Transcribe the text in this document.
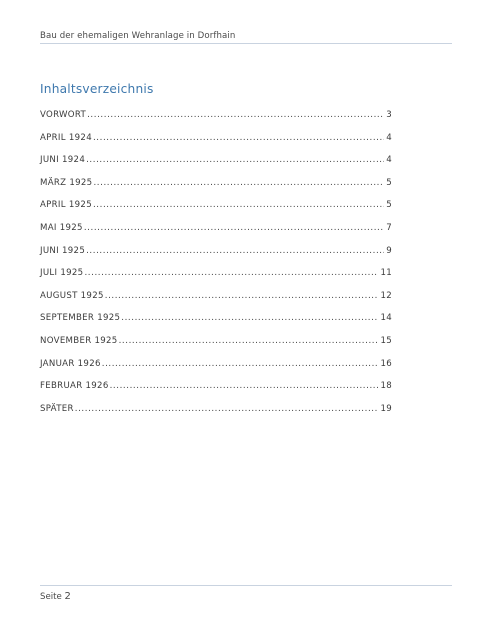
Bau der ehemaligen Wehranlage in Dorfhain
Inhaltsverzeichnis
VORWORT .....	3
APRIL 1924 .....	4
JUNI 1924 .....	4
MÄRZ 1925 .....	5
APRIL 1925 .....	5
MAI 1925 .....	7
JUNI 1925 .....	9
JULI 1925 .....	11
AUGUST 1925 .....	12
SEPTEMBER 1925 .....	14
NOVEMBER 1925 .....	15
JANUAR 1926 .....	16
FEBRUAR 1926 .....	18
SPÄTER .....	19
Seite 2
